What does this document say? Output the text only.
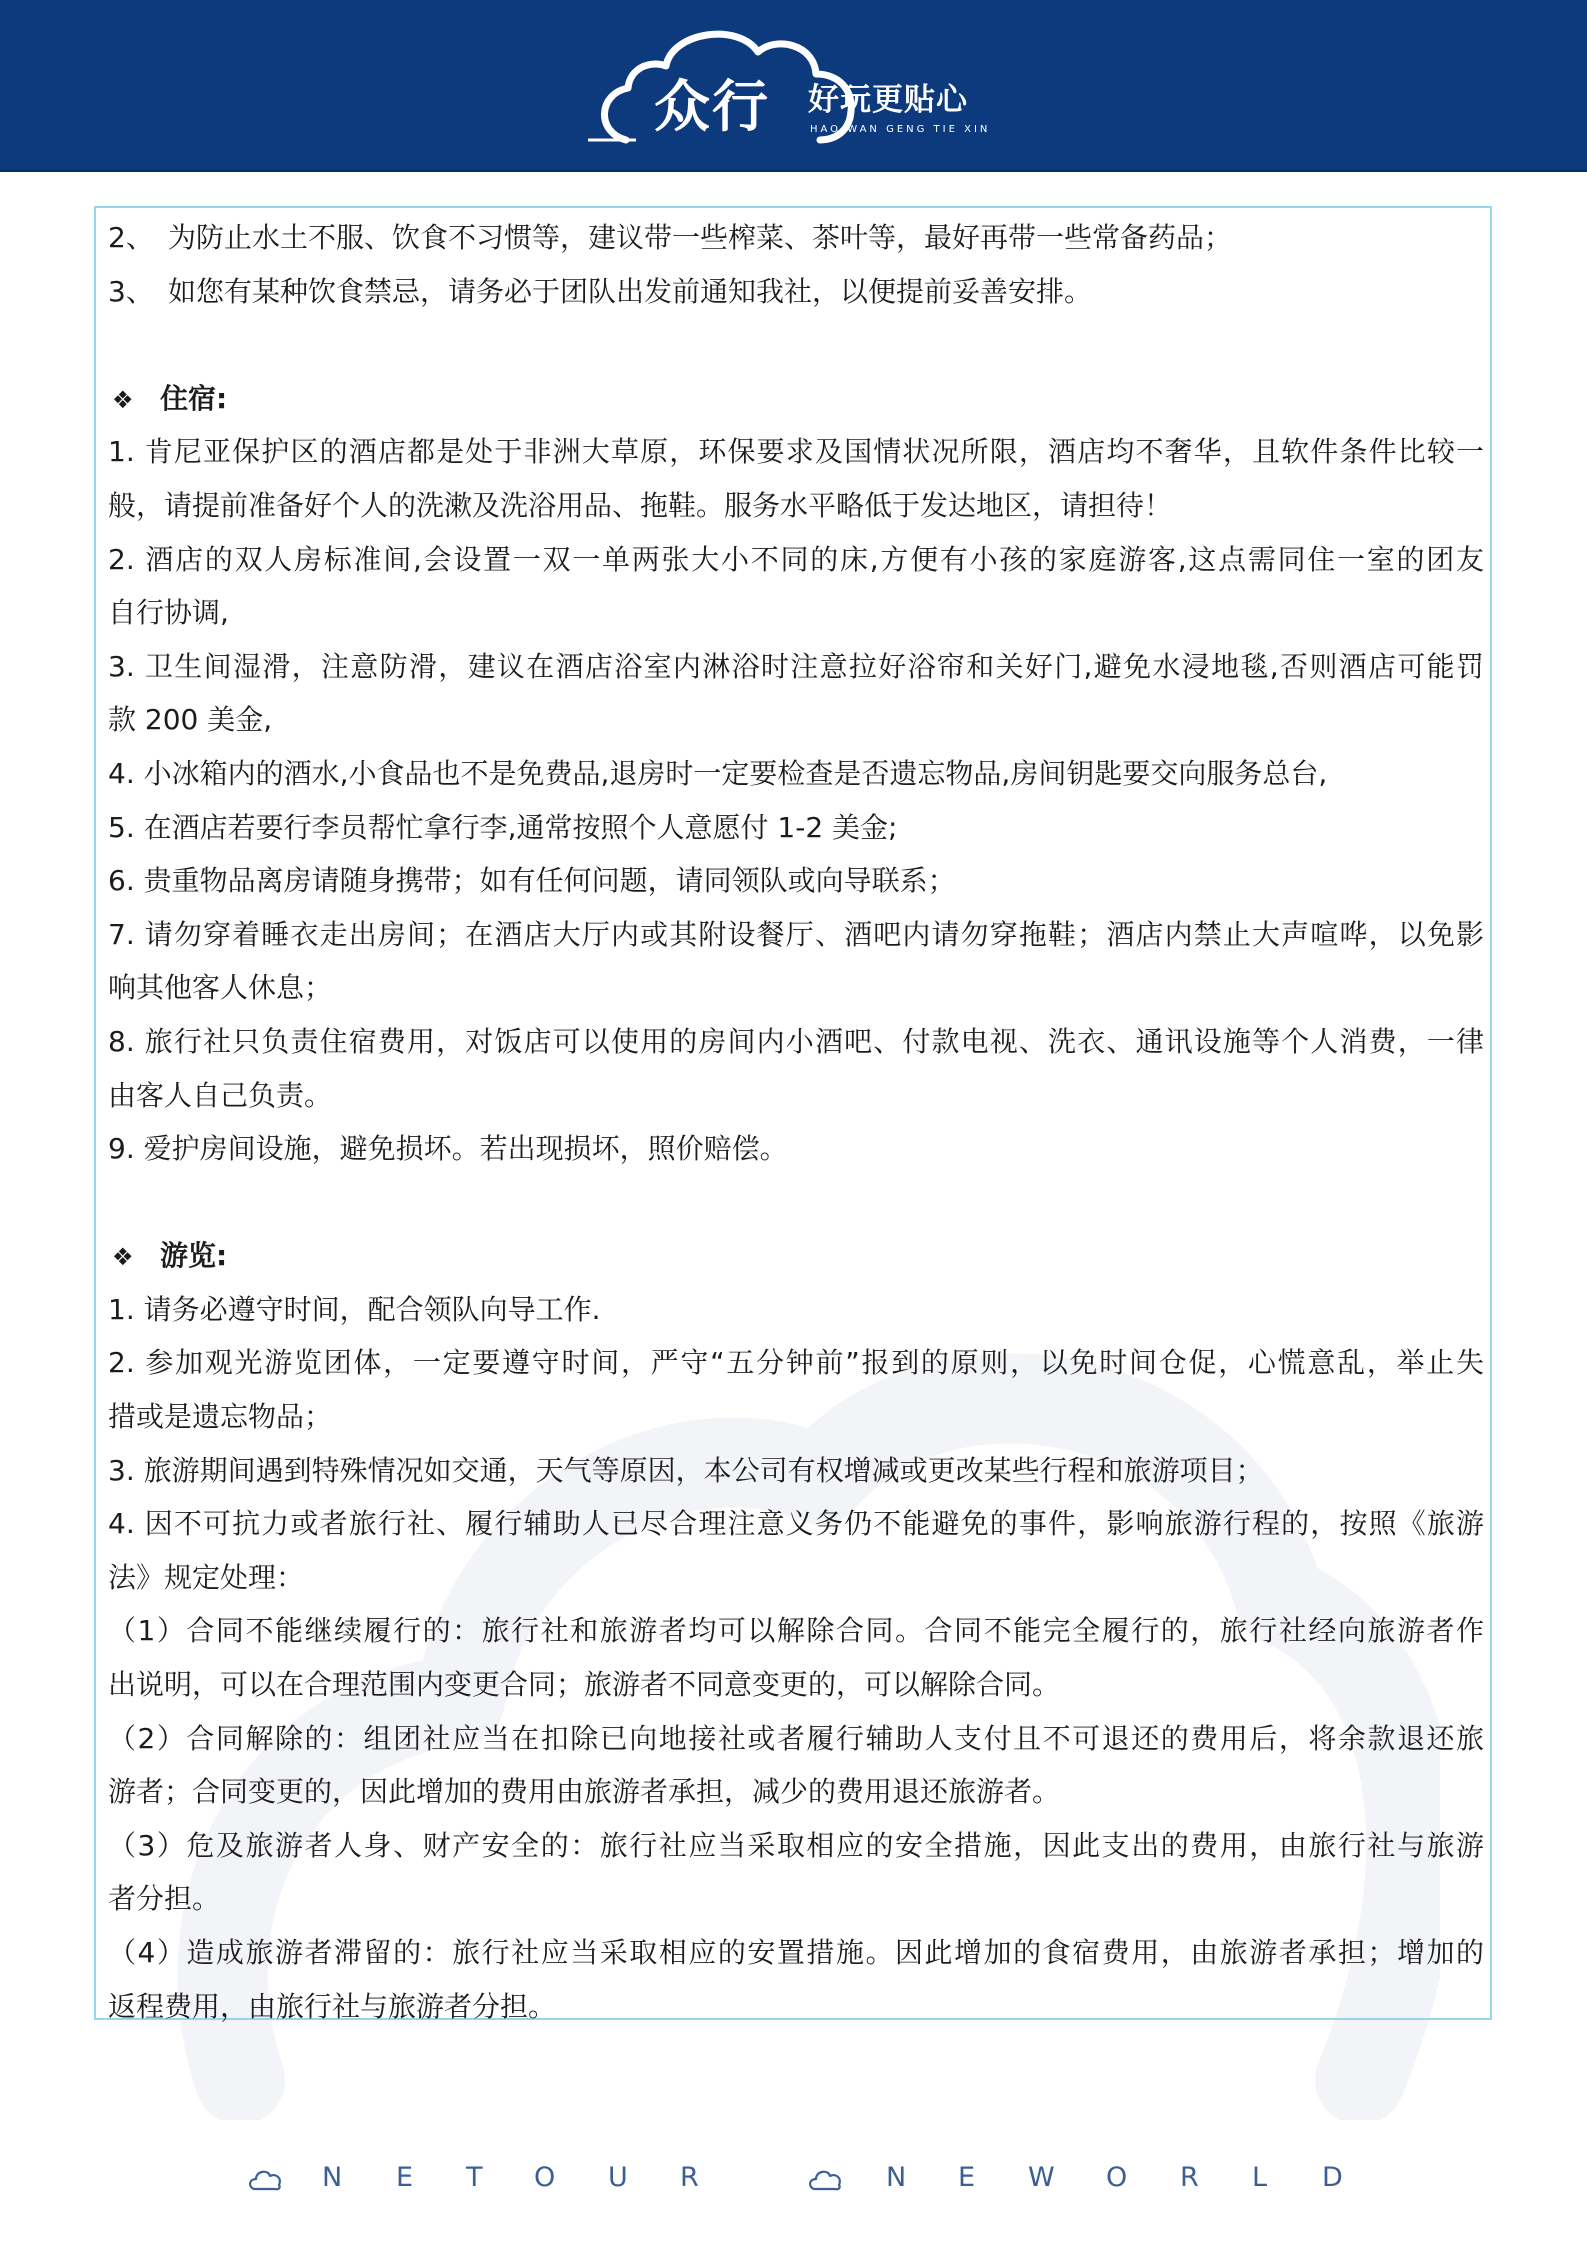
众行	好玩更贴心
HAO WAN GENG TIE XIN
2、 为防止水土不服、饮食不习惯等，建议带一些榨菜、茶叶等，最好再带一些常备药品；
3、 如您有某种饮食禁忌，请务必于团队出发前通知我社，以便提前妥善安排。
❖ 住宿:
1. 肯尼亚保护区的酒店都是处于非洲大草原，环保要求及国情状况所限，酒店均不奢华，且软件条件比较一
般，请提前准备好个人的洗漱及洗浴用品、拖鞋。服务水平略低于发达地区，请担待！
2. 酒店的双人房标准间,会设置一双一单两张大小不同的床,方便有小孩的家庭游客,这点需同住一室的团友
自行协调,
3. 卫生间湿滑，注意防滑，建议在酒店浴室内淋浴时注意拉好浴帘和关好门,避免水浸地毯,否则酒店可能罚
款 200 美金,
4. 小冰箱内的酒水,小食品也不是免费品,退房时一定要检查是否遗忘物品,房间钥匙要交向服务总台,
5. 在酒店若要行李员帮忙拿行李,通常按照个人意愿付 1-2 美金;
6. 贵重物品离房请随身携带；如有任何问题，请同领队或向导联系；
7. 请勿穿着睡衣走出房间；在酒店大厅内或其附设餐厅、酒吧内请勿穿拖鞋；酒店内禁止大声喧哗，以免影
响其他客人休息；
8. 旅行社只负责住宿费用，对饭店可以使用的房间内小酒吧、付款电视、洗衣、通讯设施等个人消费，一律
由客人自己负责。
9. 爱护房间设施，避免损坏。若出现损坏，照价赔偿。
❖ 游览:
1. 请务必遵守时间，配合领队向导工作.
2. 参加观光游览团体，一定要遵守时间，严守“五分钟前”报到的原则，以免时间仓促，心慌意乱，举止失
措或是遗忘物品；
3. 旅游期间遇到特殊情况如交通，天气等原因，本公司有权增减或更改某些行程和旅游项目；
4. 因不可抗力或者旅行社、履行辅助人已尽合理注意义务仍不能避免的事件，影响旅游行程的，按照《旅游
法》规定处理：
（1）合同不能继续履行的：旅行社和旅游者均可以解除合同。合同不能完全履行的，旅行社经向旅游者作
出说明，可以在合理范围内变更合同；旅游者不同意变更的，可以解除合同。
（2）合同解除的：组团社应当在扣除已向地接社或者履行辅助人支付且不可退还的费用后，将余款退还旅
游者；合同变更的，因此增加的费用由旅游者承担，减少的费用退还旅游者。
（3）危及旅游者人身、财产安全的：旅行社应当采取相应的安全措施，因此支出的费用，由旅行社与旅游
者分担。
（4）造成旅游者滞留的：旅行社应当采取相应的安置措施。因此增加的食宿费用，由旅游者承担；增加的
返程费用，由旅行社与旅游者分担。
N E T O U R	N E W O R L D
